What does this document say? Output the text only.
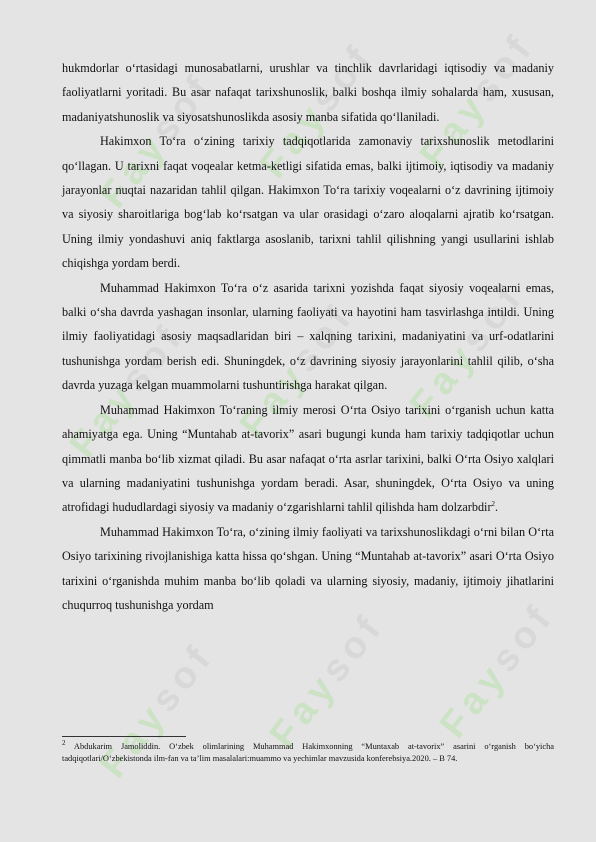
Faysof Faysof
Faysof
Faysof Faysof Faysof
Faysof Faysof
Faysof

hukmdorlar o‘rtasidagi munosabatlarni, urushlar va tinchlik davrlaridagi iqtisodiy va madaniy faoliyatlarni yoritadi. Bu asar nafaqat tarixshunoslik, balki boshqa ilmiy sohalarda ham, xususan, madaniyatshunoslik va siyosatshunoslikda asosiy manba sifatida qo‘llaniladi.

Hakimxon To‘ra o‘zining tarixiy tadqiqotlarida zamonaviy tarixshunoslik metodlarini qo‘llagan. U tarixni faqat voqealar ketma-ketligi sifatida emas, balki ijtimoiy, iqtisodiy va madaniy jarayonlar nuqtai nazaridan tahlil qilgan. Hakimxon To‘ra tarixiy voqealarni o‘z davrining ijtimoiy va siyosiy sharoitlariga bog‘lab ko‘rsatgan va ular orasidagi o‘zaro aloqalarni ajratib ko‘rsatgan. Uning ilmiy yondashuvi aniq faktlarga asoslanib, tarixni tahlil qilishning yangi usullarini ishlab chiqishga yordam berdi.

Muhammad Hakimxon To‘ra o‘z asarida tarixni yozishda faqat siyosiy voqealarni emas, balki o‘sha davrda yashagan insonlar, ularning faoliyati va hayotini ham tasvirlashga intildi. Uning ilmiy faoliyatidagi asosiy maqsadlaridan biri – xalqning tarixini, madaniyatini va urf-odatlarini tushunishga yordam berish edi. Shuningdek, o‘z davrining siyosiy jarayonlarini tahlil qilib, o‘sha davrda yuzaga kelgan muammolarni tushuntirishga harakat qilgan.

Muhammad Hakimxon To‘raning ilmiy merosi O‘rta Osiyo tarixini o‘rganish uchun katta ahamiyatga ega. Uning “Muntahab at-tavorix” asari bugungi kunda ham tarixiy tadqiqotlar uchun qimmatli manba bo‘lib xizmat qiladi. Bu asar nafaqat o‘rta asrlar tarixini, balki O‘rta Osiyo xalqlari va ularning madaniyatini tushunishga yordam beradi. Asar, shuningdek, O‘rta Osiyo va uning atrofidagi hududlardagi siyosiy va madaniy o‘zgarishlarni tahlil qilishda ham dolzarbdir$^2$.

Muhammad Hakimxon To‘ra, o‘zining ilmiy faoliyati va tarixshunoslikdagi o‘rni bilan O‘rta Osiyo tarixining rivojlanishiga katta hissa qo‘shgan. Uning “Muntahab at-tavorix” asari O‘rta Osiyo tarixini o‘rganishda muhim manba bo‘lib qoladi va ularning siyosiy, madaniy, ijtimoiy jihatlarini chuqurroq tushunishga yordam

$^2$ Abdukarim Jamoliddin. O‘zbek olimlarining Muhammad Hakimxonning “Muntaxab at-tavorix” asarini o‘rganish bo‘yicha tadqiqotlari/O‘zbekistonda ilm-fan va ta’lim masalalari:muammo va yechimlar mavzusida konferebsiya.2020. – B 74.
